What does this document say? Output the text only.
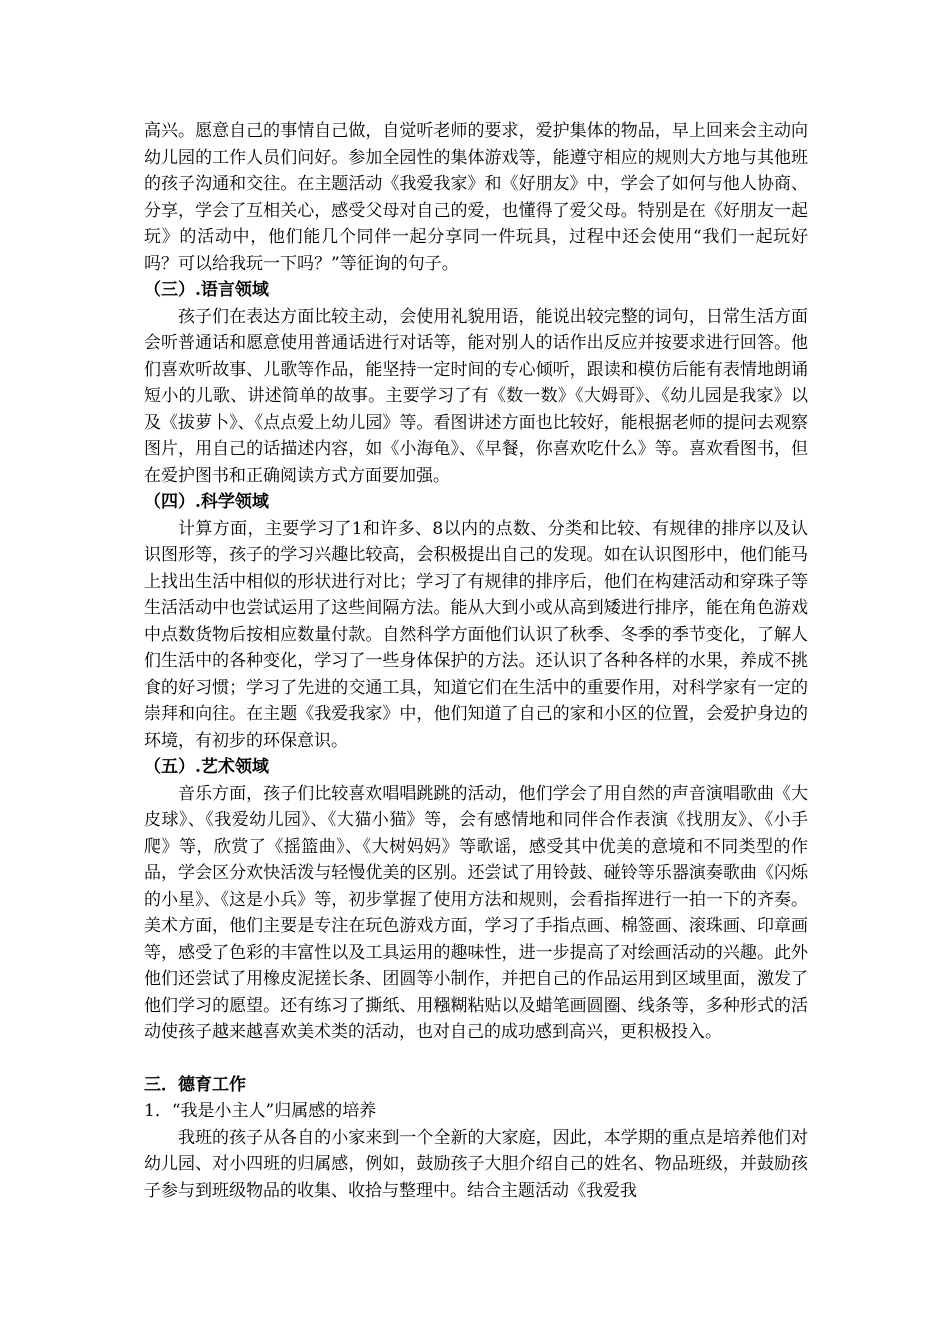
高兴。愿意自己的事情自己做，自觉听老师的要求，爱护集体的物品，早上回来会主动向幼儿园的工作人员们问好。参加全园性的集体游戏等，能遵守相应的规则大方地与其他班的孩子沟通和交往。在主题活动《我爱我家》和《好朋友》中，学会了如何与他人协商、分享，学会了互相关心，感受父母对自己的爱，也懂得了爱父母。特别是在《好朋友一起玩》的活动中，他们能几个同伴一起分享同一件玩具，过程中还会使用“我们一起玩好吗？可以给我玩一下吗？”等征询的句子。

（三）.语言领域

孩子们在表达方面比较主动，会使用礼貌用语，能说出较完整的词句，日常生活方面会听普通话和愿意使用普通话进行对话等，能对别人的话作出反应并按要求进行回答。他们喜欢听故事、儿歌等作品，能坚持一定时间的专心倾听，跟读和模仿后能有表情地朗诵短小的儿歌、讲述简单的故事。主要学习了有《数一数》《大姆哥》、《幼儿园是我家》以及《拔萝卜》、《点点爱上幼儿园》等。看图讲述方面也比较好，能根据老师的提问去观察图片，用自己的话描述内容，如《小海龟》、《早餐，你喜欢吃什么》等。喜欢看图书，但在爱护图书和正确阅读方式方面要加强。

（四）.科学领域

计算方面，主要学习了1和许多、8以内的点数、分类和比较、有规律的排序以及认识图形等，孩子的学习兴趣比较高，会积极提出自己的发现。如在认识图形中，他们能马上找出生活中相似的形状进行对比；学习了有规律的排序后，他们在构建活动和穿珠子等生活活动中也尝试运用了这些间隔方法。能从大到小或从高到矮进行排序，能在角色游戏中点数货物后按相应数量付款。自然科学方面他们认识了秋季、冬季的季节变化，了解人们生活中的各种变化，学习了一些身体保护的方法。还认识了各种各样的水果，养成不挑食的好习惯；学习了先进的交通工具，知道它们在生活中的重要作用，对科学家有一定的崇拜和向往。在主题《我爱我家》中，他们知道了自己的家和小区的位置，会爱护身边的环境，有初步的环保意识。

（五）.艺术领域

音乐方面，孩子们比较喜欢唱唱跳跳的活动，他们学会了用自然的声音演唱歌曲《大皮球》、《我爱幼儿园》、《大猫小猫》等，会有感情地和同伴合作表演《找朋友》、《小手爬》等，欣赏了《摇篮曲》、《大树妈妈》等歌谣，感受其中优美的意境和不同类型的作品，学会区分欢快活泼与轻慢优美的区别。还尝试了用铃鼓、碰铃等乐器演奏歌曲《闪烁的小星》、《这是小兵》等，初步掌握了使用方法和规则，会看指挥进行一拍一下的齐奏。美术方面，他们主要是专注在玩色游戏方面，学习了手指点画、棉签画、滚珠画、印章画等，感受了色彩的丰富性以及工具运用的趣味性，进一步提高了对绘画活动的兴趣。此外他们还尝试了用橡皮泥搓长条、团圆等小制作，并把自己的作品运用到区域里面，激发了他们学习的愿望。还有练习了撕纸、用糨糊粘贴以及蜡笔画圆圈、线条等，多种形式的活动使孩子越来越喜欢美术类的活动，也对自己的成功感到高兴，更积极投入。

三．德育工作

1．“我是小主人”归属感的培养

我班的孩子从各自的小家来到一个全新的大家庭，因此，本学期的重点是培养他们对幼儿园、对小四班的归属感，例如，鼓励孩子大胆介绍自己的姓名、物品班级，并鼓励孩子参与到班级物品的收集、收拾与整理中。结合主题活动《我爱我
